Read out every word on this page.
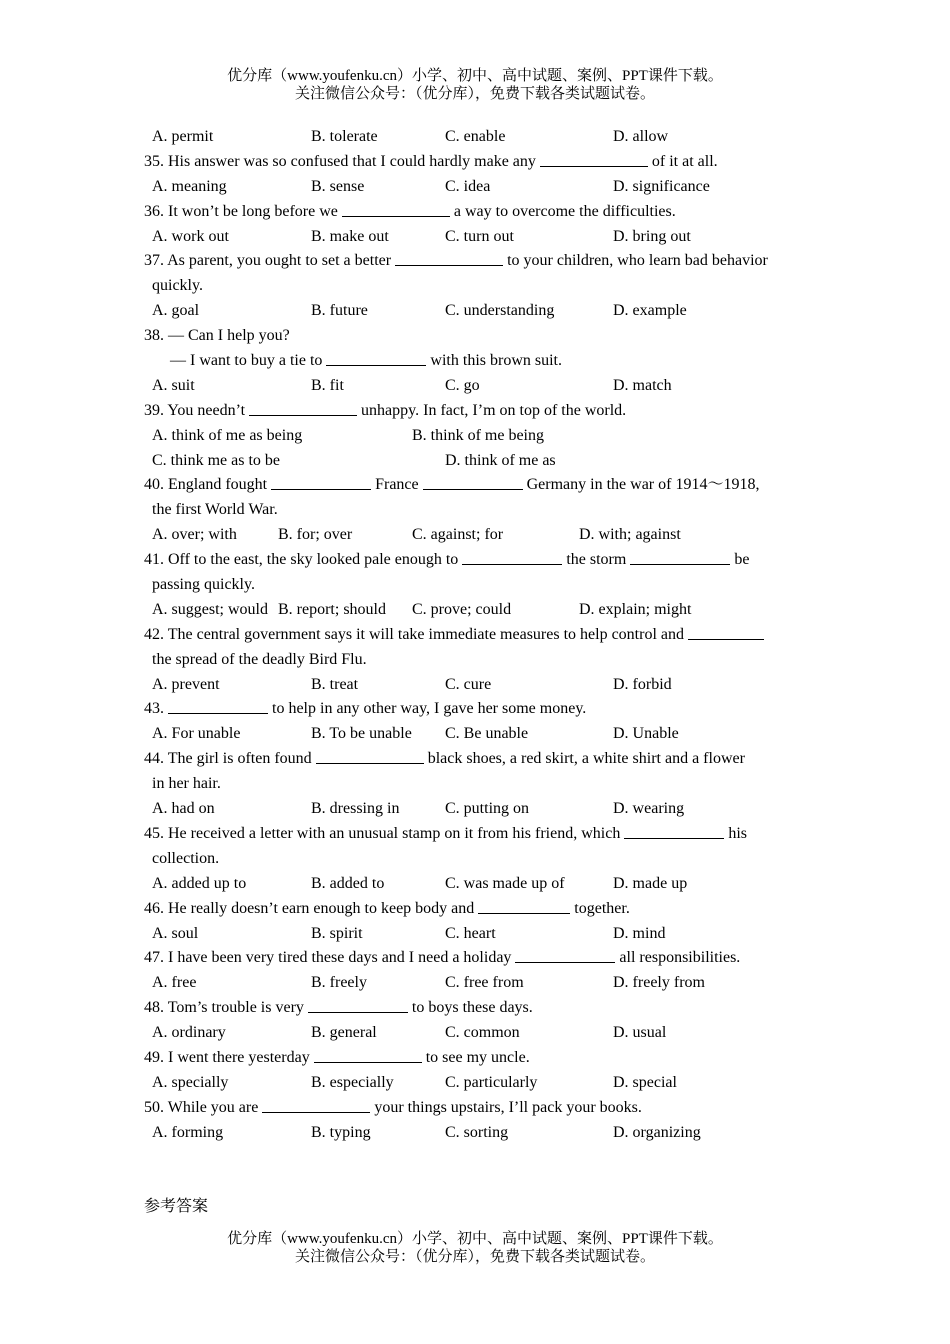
优分库（www.youfenku.cn）小学、初中、高中试题、案例、PPT课件下载。
关注微信公众号：（优分库），免费下载各类试题试卷。
A. permit	B. tolerate	C. enable	D. allow
35. His answer was so confused that I could hardly make any	of it at all.
A. meaning	B. sense	C. idea	D. significance
36. It won’t be long before we	a way to overcome the difficulties.
A. work out	B. make out	C. turn out	D. bring out
37. As parent, you ought to set a better	to your children, who learn bad behavior
quickly.
A. goal	B. future	C. understanding	D. example
38. — Can I help you?
— I want to buy a tie to	with this brown suit.
A. suit	B. fit	C. go	D. match
39. You needn’t	unhappy. In fact, I’m on top of the world.
A. think of me as being	B. think of me being
C. think me as to be	D. think of me as
40. England fought	France	Germany in the war of 1914～1918,
the first World War.
A. over; with	B. for; over	C. against; for	D. with; against
41. Off to the east, the sky looked pale enough to	the storm	be
passing quickly.
A. suggest; would B. report; should C. prove; could	D. explain; might
42. The central government says it will take immediate measures to help control and
the spread of the deadly Bird Flu.
A. prevent	B. treat	C. cure	D. forbid
43.	to help in any other way, I gave her some money.
A. For unable	B. To be unable C. Be unable	D. Unable
44. The girl is often found	black shoes, a red skirt, a white shirt and a flower
in her hair.
A. had on	B. dressing in	C. putting on	D. wearing
45. He received a letter with an unusual stamp on it from his friend, which	his
collection.
A. added up to	B. added to	C. was made up of	D. made up
46. He really doesn’t earn enough to keep body and	together.
A. soul	B. spirit	C. heart	D. mind
47. I have been very tired these days and I need a holiday	all responsibilities.
A. free	B. freely	C. free from	D. freely from
48. Tom’s trouble is very	to boys these days.
A. ordinary	B. general	C. common	D. usual
49. I went there yesterday	to see my uncle.
A. specially	B. especially	C. particularly	D. special
50. While you are	your things upstairs, I’ll pack your books.
A. forming	B. typing	C. sorting	D. organizing
参考答案
优分库（www.youfenku.cn）小学、初中、高中试题、案例、PPT课件下载。
关注微信公众号：（优分库），免费下载各类试题试卷。
